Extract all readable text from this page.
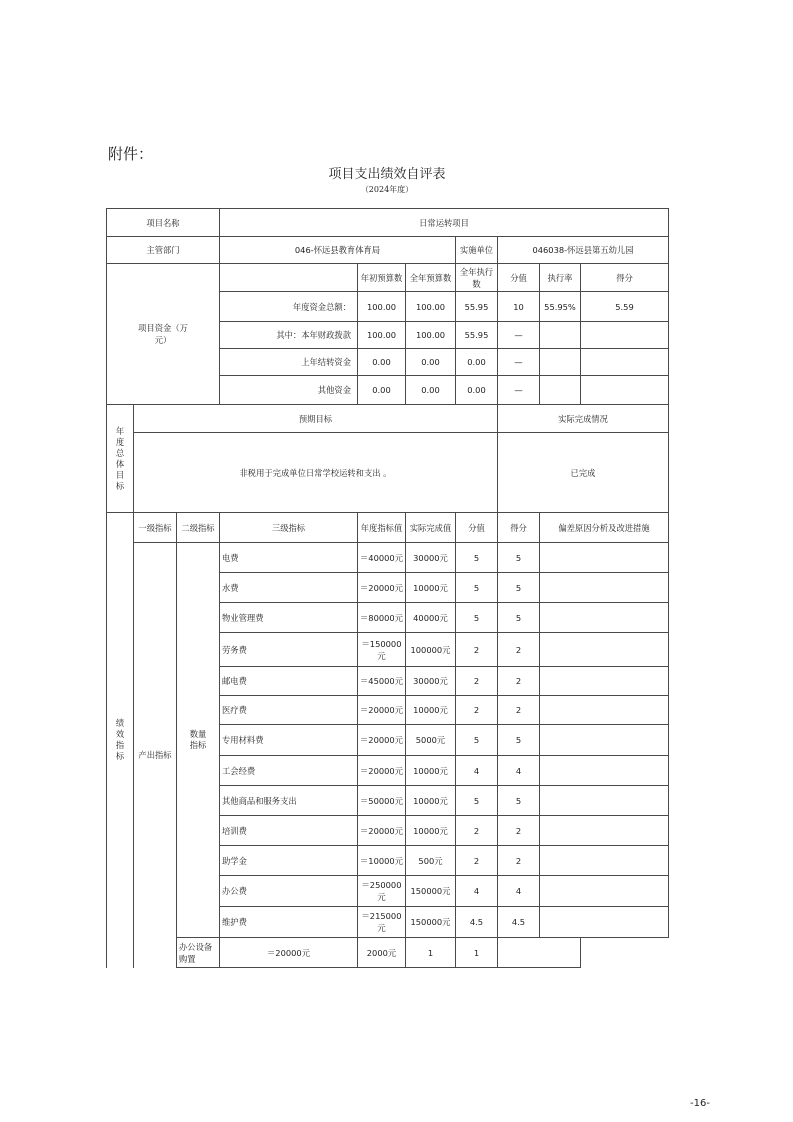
附件：
项目支出绩效自评表
（2024年度）
项目名称			日常运转项目						
主管部门			046-怀远县教育体育局			实施单位	046038-怀远县第五幼儿园		
项目资金（万元）				年初预算数	全年预算数	全年执行数	分值	执行率	得分
			年度资金总额：	100.00	100.00	55.95	10	55.95%	5.59
			其中：本年财政拨款	100.00	100.00	55.95	—		
			上年结转资金	0.00	0.00	0.00	—		
			其他资金	0.00	0.00	0.00	—		
年度总体目标	预期目标						实际完成情况		
	非税用于完成单位日常学校运转和支出 。						已完成		
绩效指标	一级指标	二级指标	三级指标	年度指标值	实际完成值	分值	得分	偏差原因分析及改进措施	
	产出指标	数量指标	电费	＝40000元	30000元	5	5		
			水费	＝20000元	10000元	5	5		
			物业管理费	＝80000元	40000元	5	5		
			劳务费	＝150000元	100000元	2	2		
			邮电费	＝45000元	30000元	2	2		
			医疗费	＝20000元	10000元	2	2		
			专用材料费	＝20000元	5000元	5	5		
			工会经费	＝20000元	10000元	4	4		
			其他商品和服务支出	＝50000元	10000元	5	5		
			培训费	＝20000元	10000元	2	2		
			助学金	＝10000元	500元	2	2		
			办公费	＝250000元	150000元	4	4		
			维护费	＝215000元	150000元	4.5	4.5		
		办公设备购置	＝20000元	2000元	1	1			
-16-
